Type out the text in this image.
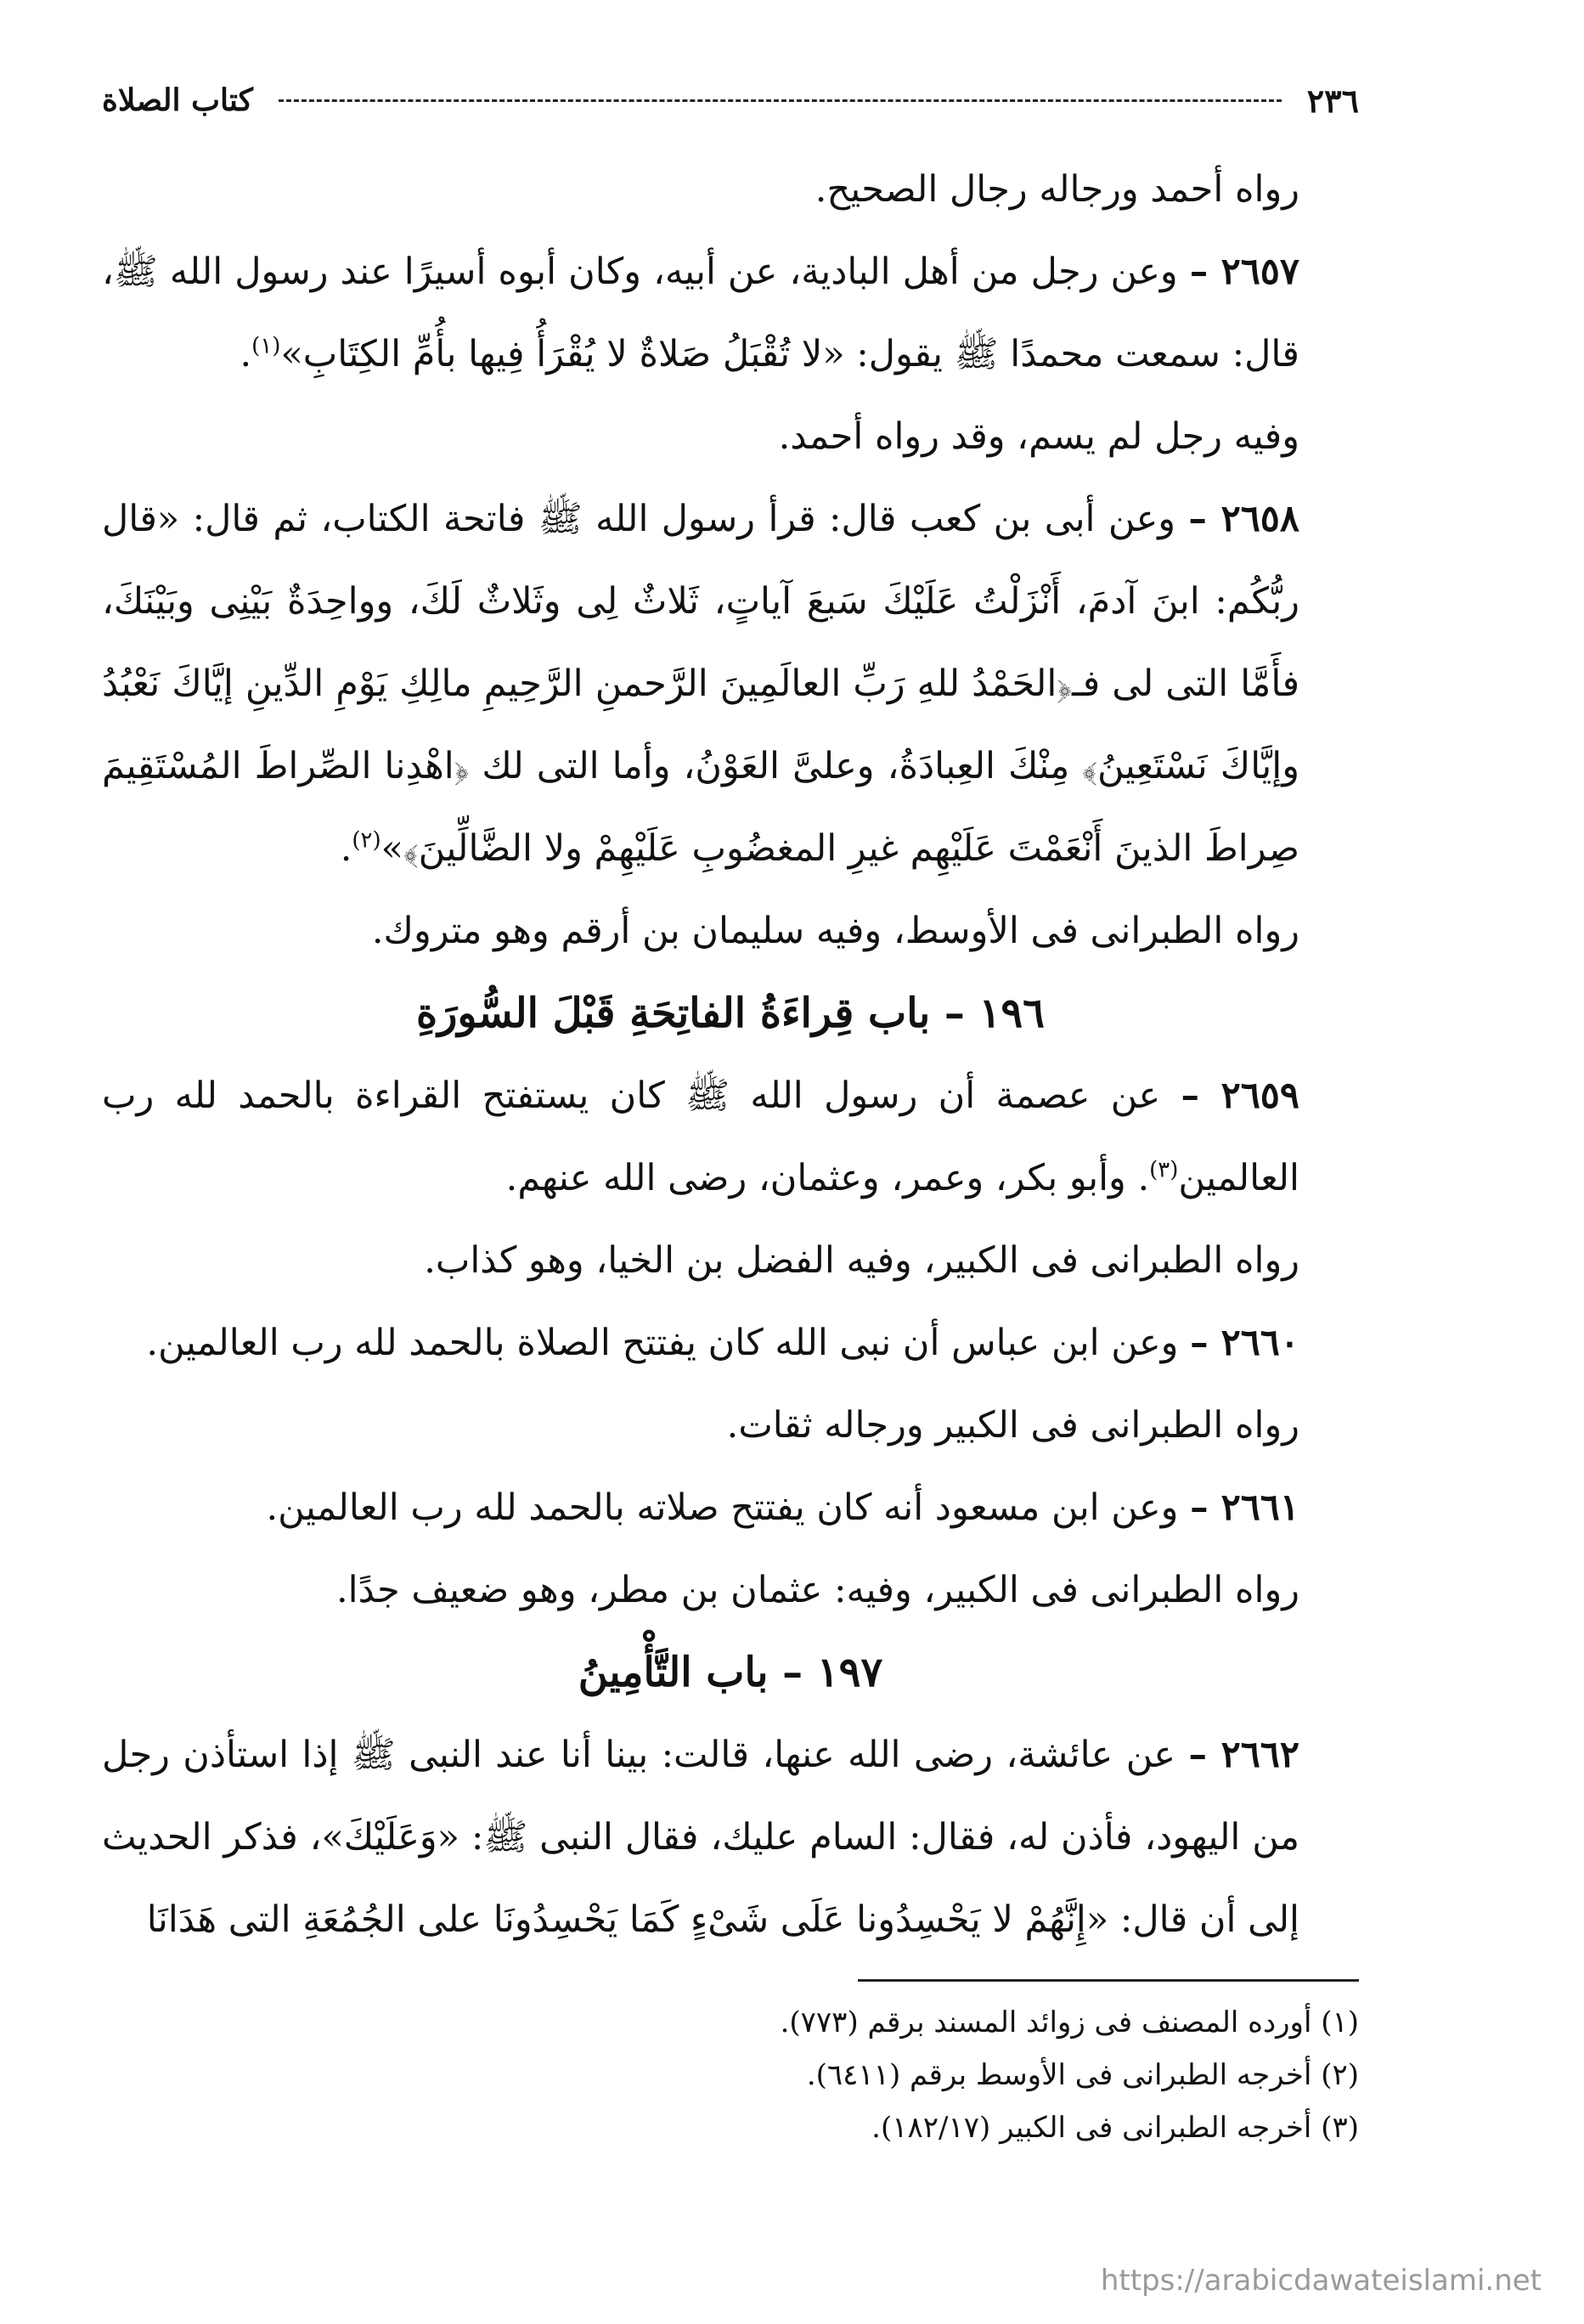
٢٣٦
كتاب الصلاة

رواه أحمد ورجاله رجال الصحيح.

٢٦٥٧ – وعن رجل من أهل البادية، عن أبيه، وكان أبوه أسيرًا عند رسول الله ﷺ، قال: سمعت محمدًا ﷺ يقول: «لا تُقْبَلُ صَلاةٌ لا يُقْرَأُ فِيها بأُمِّ الكِتَابِ»$^{(١)}$.

وفيه رجل لم يسم، وقد رواه أحمد.

٢٦٥٨ – وعن أبى بن كعب قال: قرأ رسول الله ﷺ فاتحة الكتاب، ثم قال: «قال ربُّكُم: ابنَ آدمَ، أَنْزَلْتُ عَلَيْكَ سَبعَ آياتٍ، ثَلاثٌ لِى وثَلاثٌ لَكَ، وواحِدَةٌ بَيْنِى وبَيْنَكَ، فأَمَّا التى لى فـ﴿الحَمْدُ للهِ رَبِّ العالَمِينَ الرَّحمنِ الرَّحِيمِ مالِكِ يَوْمِ الدِّينِ إيَّاكَ نَعْبُدُ وإيَّاكَ نَسْتَعِينُ﴾ مِنْكَ العِبادَةُ، وعلىَّ العَوْنُ، وأما التى لك ﴿اهْدِنا الصِّراطَ المُسْتَقِيمَ صِراطَ الذينَ أَنْعَمْتَ عَلَيْهِم غيرِ المغضُوبِ عَلَيْهِمْ ولا الضَّالِّينَ﴾»$^{(٢)}$.

رواه الطبرانى فى الأوسط، وفيه سليمان بن أرقم وهو متروك.

١٩٦ – باب قِراءَةُ الفاتِحَةِ قَبْلَ السُّورَةِ

٢٦٥٩ – عن عصمة أن رسول الله ﷺ كان يستفتح القراءة بالحمد لله رب العالمين$^{(٣)}$. وأبو بكر، وعمر، وعثمان، رضى الله عنهم.

رواه الطبرانى فى الكبير، وفيه الفضل بن الخيا، وهو كذاب.

٢٦٦٠ – وعن ابن عباس أن نبى الله كان يفتتح الصلاة بالحمد لله رب العالمين.

رواه الطبرانى فى الكبير ورجاله ثقات.

٢٦٦١ – وعن ابن مسعود أنه كان يفتتح صلاته بالحمد لله رب العالمين.

رواه الطبرانى فى الكبير، وفيه: عثمان بن مطر، وهو ضعيف جدًا.

١٩٧ – باب التَّأْمِينُ

٢٦٦٢ – عن عائشة، رضى الله عنها، قالت: بينا أنا عند النبى ﷺ إذا استأذن رجل من اليهود، فأذن له، فقال: السام عليك، فقال النبى ﷺ: «وَعَلَيْكَ»، فذكر الحديث إلى أن قال: «إِنَّهُمْ لا يَحْسِدُونا عَلَى شَىْءٍ كَمَا يَحْسِدُونَا على الجُمُعَةِ التى هَدَانَا

(١) أورده المصنف فى زوائد المسند برقم (٧٧٣).

(٢) أخرجه الطبرانى فى الأوسط برقم (٦٤١١).

(٣) أخرجه الطبرانى فى الكبير (١٨٢/١٧).

https://arabicdawateislami.net
